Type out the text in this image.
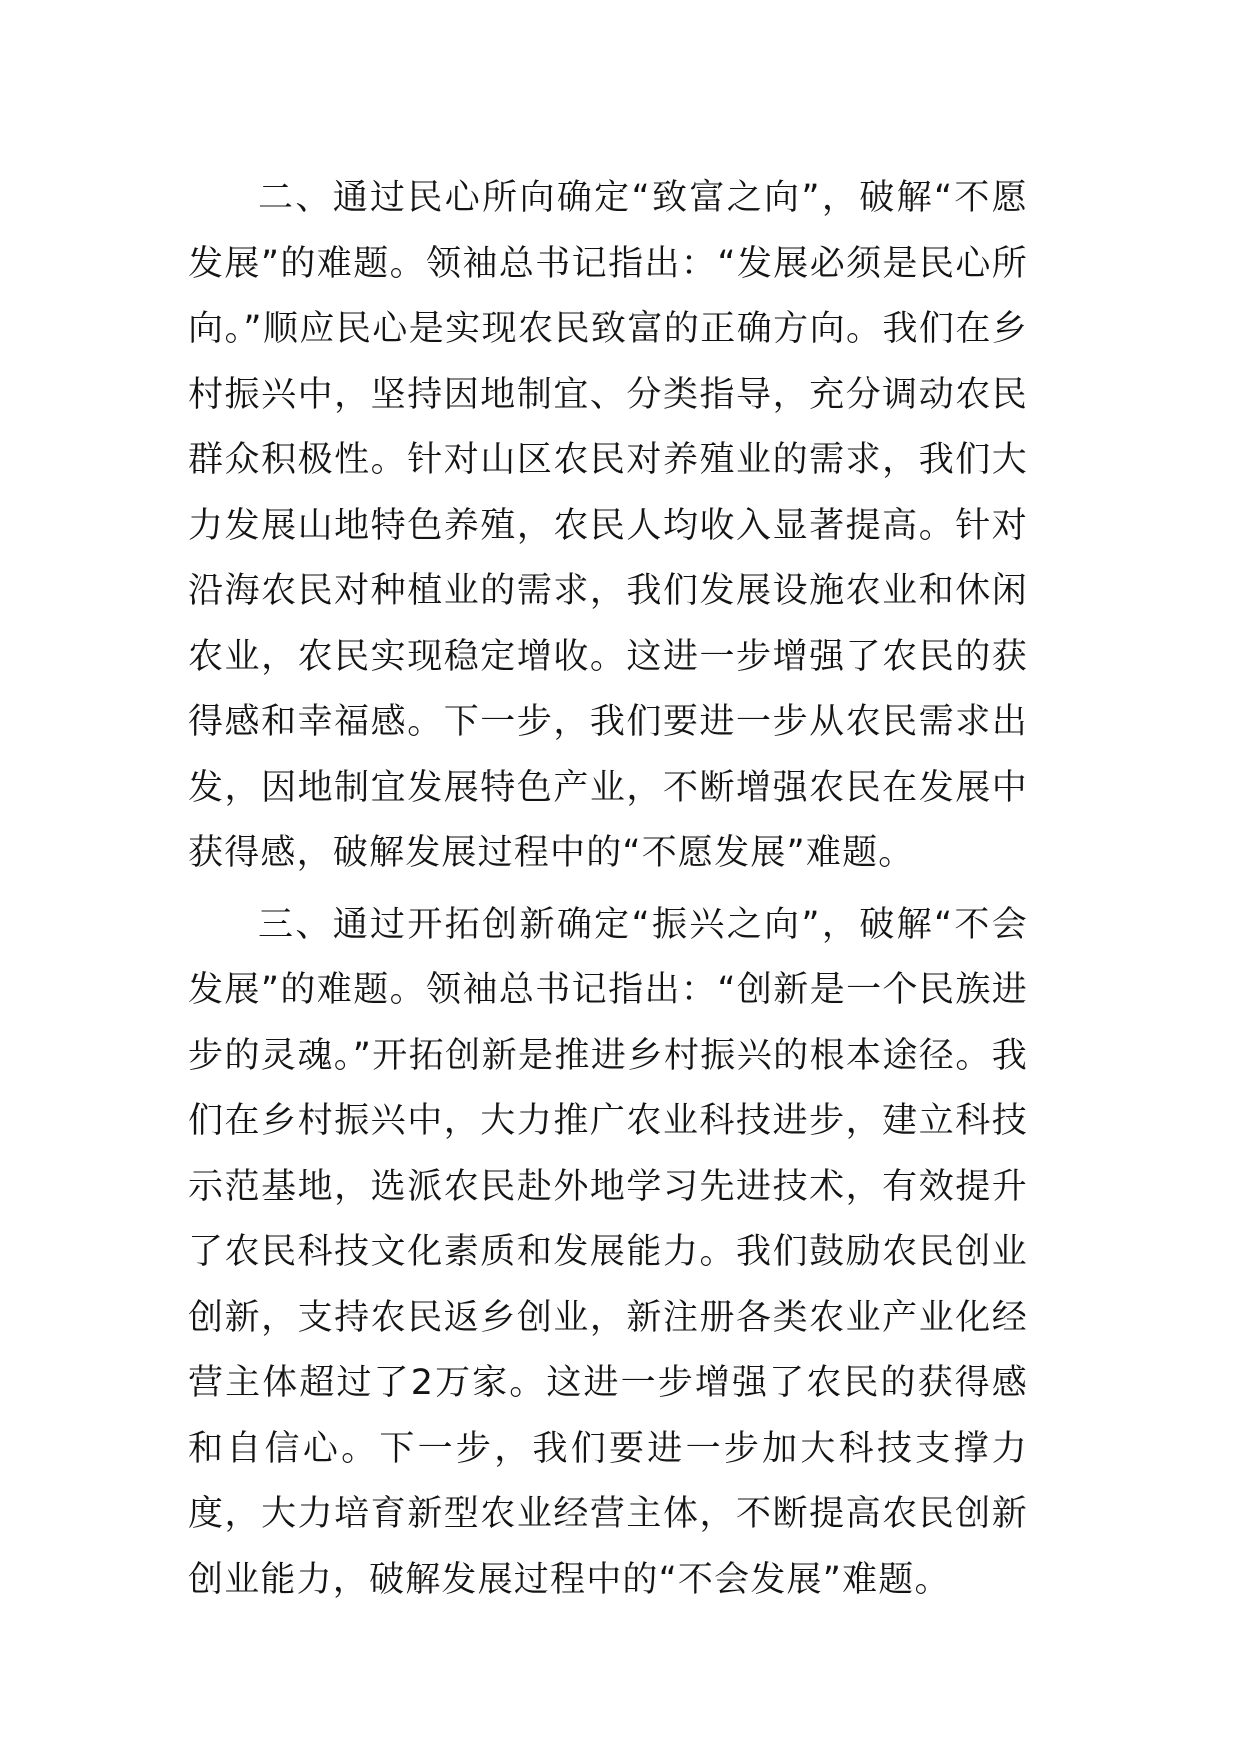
二、通过民心所向确定“致富之向”，破解“不愿发展”的难题。领袖总书记指出：“发展必须是民心所向。”顺应民心是实现农民致富的正确方向。我们在乡村振兴中，坚持因地制宜、分类指导，充分调动农民群众积极性。针对山区农民对养殖业的需求，我们大力发展山地特色养殖，农民人均收入显著提高。针对沿海农民对种植业的需求，我们发展设施农业和休闲农业，农民实现稳定增收。这进一步增强了农民的获得感和幸福感。下一步，我们要进一步从农民需求出发，因地制宜发展特色产业，不断增强农民在发展中获得感，破解发展过程中的“不愿发展”难题。

三、通过开拓创新确定“振兴之向”，破解“不会发展”的难题。领袖总书记指出：“创新是一个民族进步的灵魂。”开拓创新是推进乡村振兴的根本途径。我们在乡村振兴中，大力推广农业科技进步，建立科技示范基地，选派农民赴外地学习先进技术，有效提升了农民科技文化素质和发展能力。我们鼓励农民创业创新，支持农民返乡创业，新注册各类农业产业化经营主体超过了2万家。这进一步增强了农民的获得感和自信心。下一步，我们要进一步加大科技支撑力度，大力培育新型农业经营主体，不断提高农民创新创业能力，破解发展过程中的“不会发展”难题。
